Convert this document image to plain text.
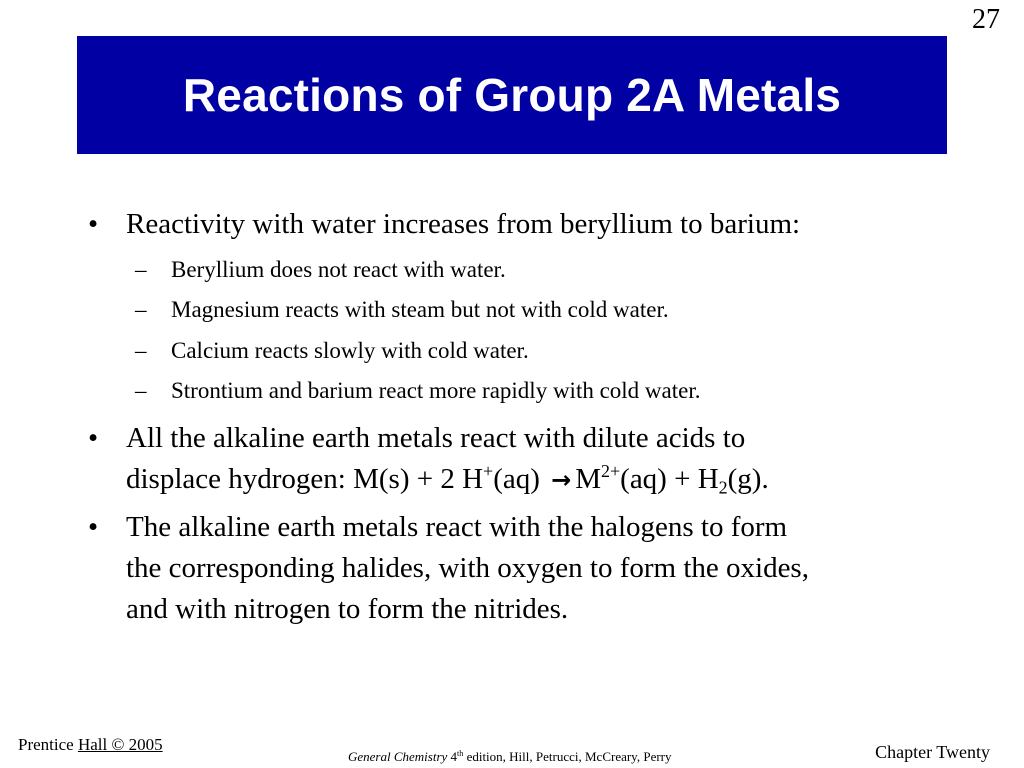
27
Reactions of Group 2A Metals
• Reactivity with water increases from beryllium to barium:
– Beryllium does not react with water.
– Magnesium reacts with steam but not with cold water.
– Calcium reacts slowly with cold water.
– Strontium and barium react more rapidly with cold water.
• All the alkaline earth metals react with dilute acids to
displace hydrogen: M(s) + 2 $H^+(aq) \to M^{2+}(aq) + H_2(g)$.
• The alkaline earth metals react with the halogens to form
the corresponding halides, with oxygen to form the oxides,
and with nitrogen to form the nitrides.
Prentice Hall © 2005
General Chemistry 4th edition, Hill, Petrucci, McCreary, Perry	Chapter Twenty
